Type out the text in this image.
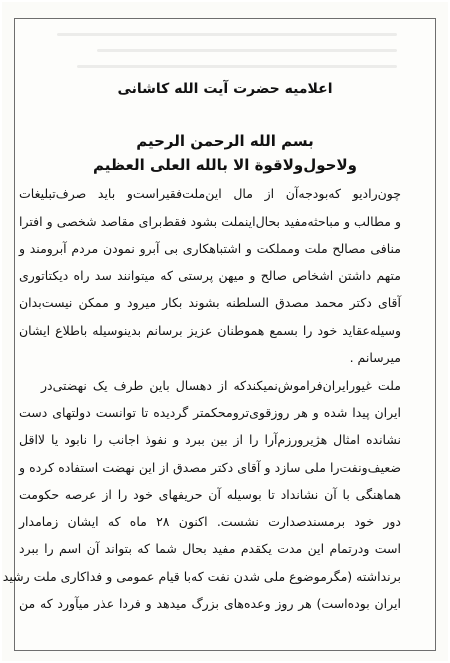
اعلامیه حضرت آیت الله کاشانی
بسم الله الرحمن الرحیم
ولاحول‌ولاقوة الا بالله العلی العظیم
چون‌رادیو که‌بودجه‌آن از مال این‌ملت‌فقیراست‌و باید صرف‌تبلیغات
و مطالب و مباحثه‌مفید بحال‌اینملت بشود فقط‌برای مقاصد شخصی و افترا
منافی مصالح ملت ومملکت و اشتباهکاری‌ بی آبرو نمودن مردم آبرومند و
متهم داشتن اشخاص صالح و میهن پرستی که میتوانند سد راه دیکتاتوری
آقای دکتر محمد مصدق السلطنه بشوند بکار میرود و ممکن نیست‌بدان
وسیله‌عقاید خود را بسمع هموطنان عزیز برسانم بدینوسیله باطلاع ایشان
میرسانم .
ملت غیورایران‌فراموش‌نمیکند‌که از دهسال باین طرف یک نهضتی‌در
ایران پیدا شده و هر روزقوی‌ترومحکمتر گردیده تا توانست دولتهای دست
نشانده امثال هژیرورزم‌آرا را از بین ببرد و نفوذ اجانب را نابود یا لااقل
ضعیف‌ونفت‌را ملی سازد و آقای دکتر مصدق از این نهضت استفاده کرده و
هماهنگی با آن نشانداد تا بوسیله آن حریفهای خود را از عرصه حکومت
دور خود برمسندصدارت نشست. اکنون ٢٨ ماه که ایشان زمامدار
است ودرتمام این مدت یکقدم مفید بحال شما که بتواند آن اسم را ببرد
برنداشته (مگرموضوع ملی شدن نفت که‌با قیام عمومی و فداکاری ملت رشید
ایران بوده‌است) هر روز وعده‌های بزرگ میدهد و فردا عذر میآورد که من
